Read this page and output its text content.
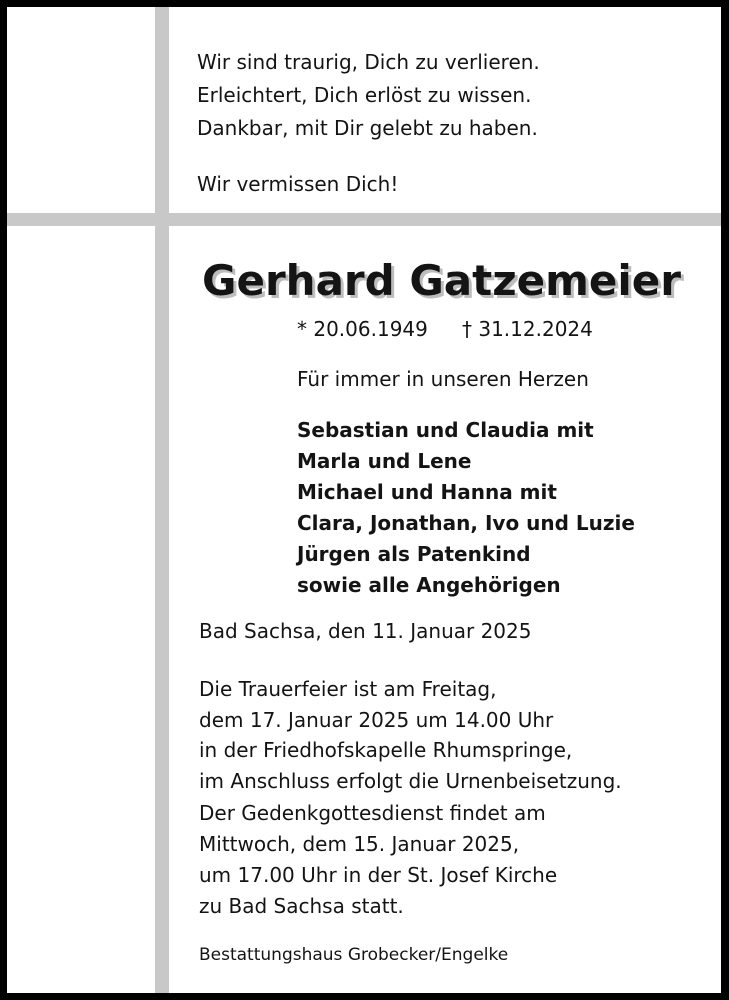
Wir sind traurig, Dich zu verlieren.
Erleichtert, Dich erlöst zu wissen.
Dankbar, mit Dir gelebt zu haben.
Wir vermissen Dich!
Gerhard Gatzemeier
* 20.06.1949 † 31.12.2024
Für immer in unseren Herzen
Sebastian und Claudia mit
Marla und Lene
Michael und Hanna mit
Clara, Jonathan, Ivo und Luzie
Jürgen als Patenkind
sowie alle Angehörigen
Bad Sachsa, den 11. Januar 2025
Die Trauerfeier ist am Freitag,
dem 17. Januar 2025 um 14.00 Uhr
in der Friedhofskapelle Rhumspringe,
im Anschluss erfolgt die Urnenbeisetzung.
Der Gedenkgottesdienst findet am
Mittwoch, dem 15. Januar 2025,
um 17.00 Uhr in der St. Josef Kirche
zu Bad Sachsa statt.
Bestattungshaus Grobecker/Engelke
